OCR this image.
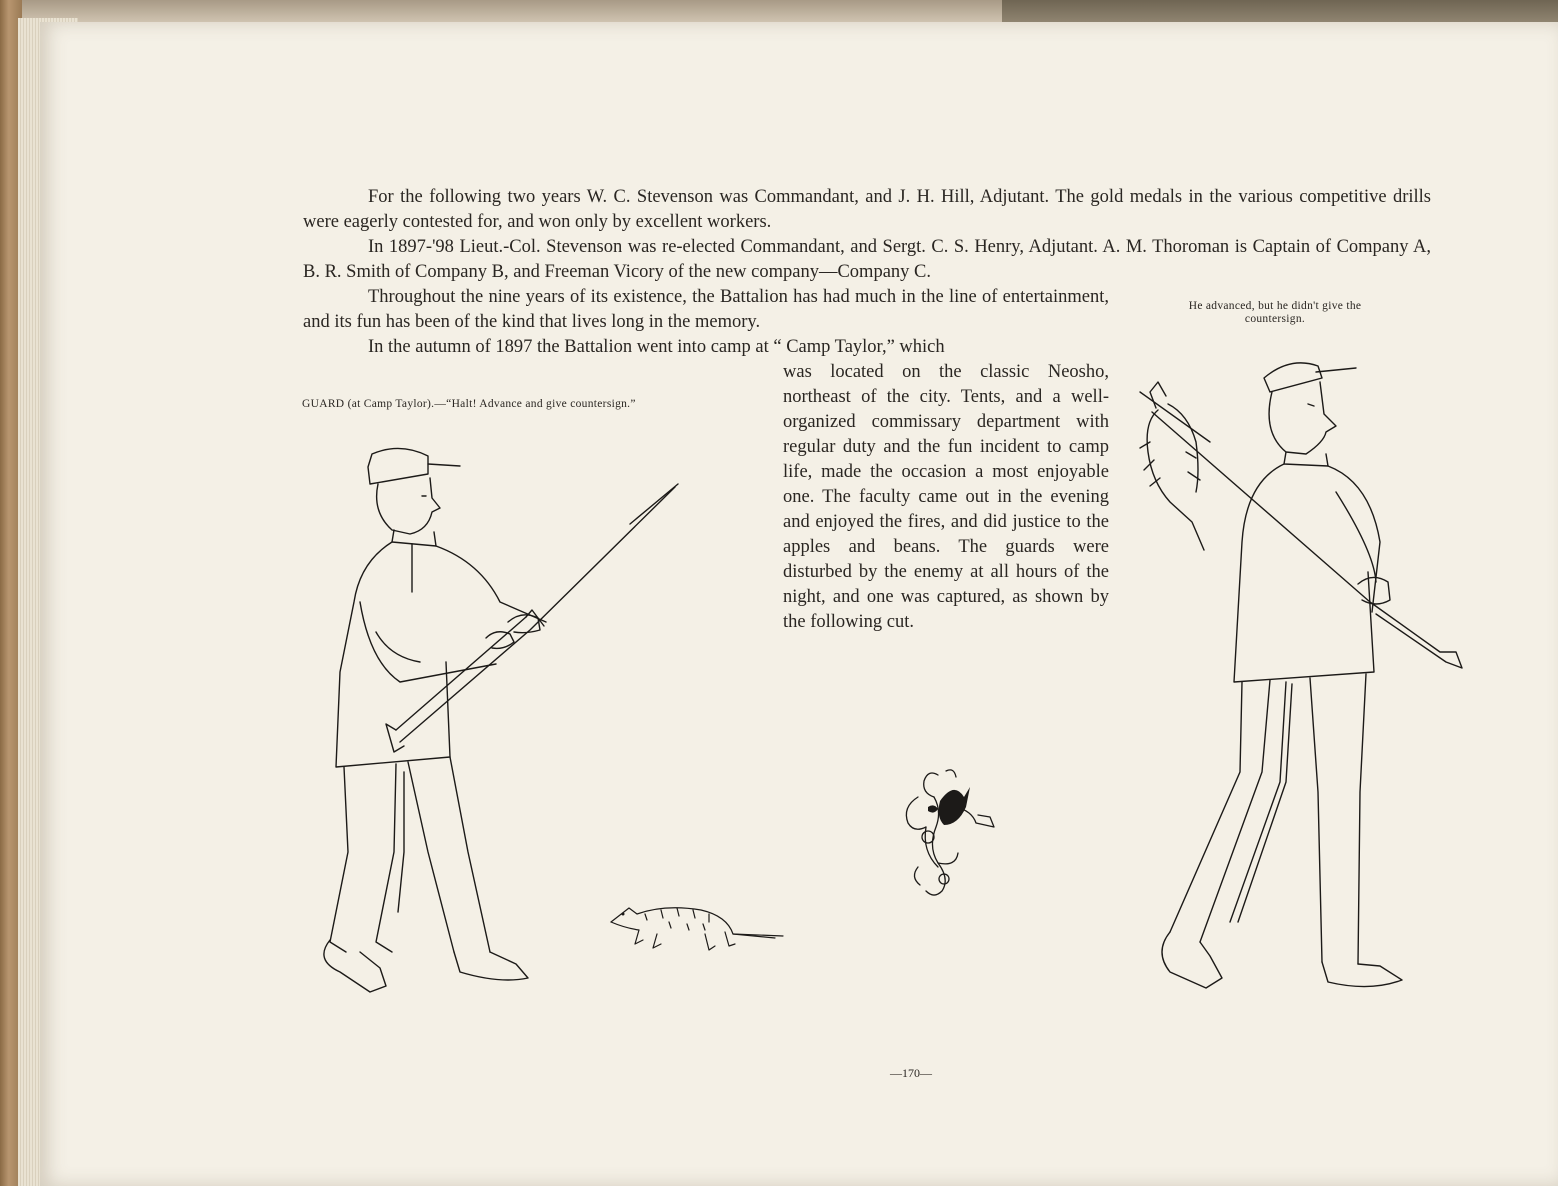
For the following two years W. C. Stevenson was Commandant, and J. H. Hill, Adjutant. The gold medals in the various competitive drills were eagerly contested for, and won only by excellent workers.

In 1897-'98 Lieut.-Col. Stevenson was re-elected Commandant, and Sergt. C. S. Henry, Adjutant. A. M. Thoroman is Captain of Company A, B. R. Smith of Company B, and Freeman Vicory of the new company—Company C.

Throughout the nine years of its existence, the Battalion has had much in the line of entertainment, and its fun has been of the kind that lives long in the memory.

In the autumn of 1897 the Battalion went into camp at “ Camp Taylor,” which

was located on the classic Neosho, northeast of the city. Tents, and a well-organized commissary department with regular duty and the fun incident to camp life, made the occasion a most enjoyable one. The faculty came out in the evening and enjoyed the fires, and did justice to the apples and beans. The guards were disturbed by the enemy at all hours of the night, and one was captured, as shown by the following cut.

GUARD (at Camp Taylor).—“Halt! Advance and give countersign.”
He advanced, but he didn't give the countersign.
—170—
